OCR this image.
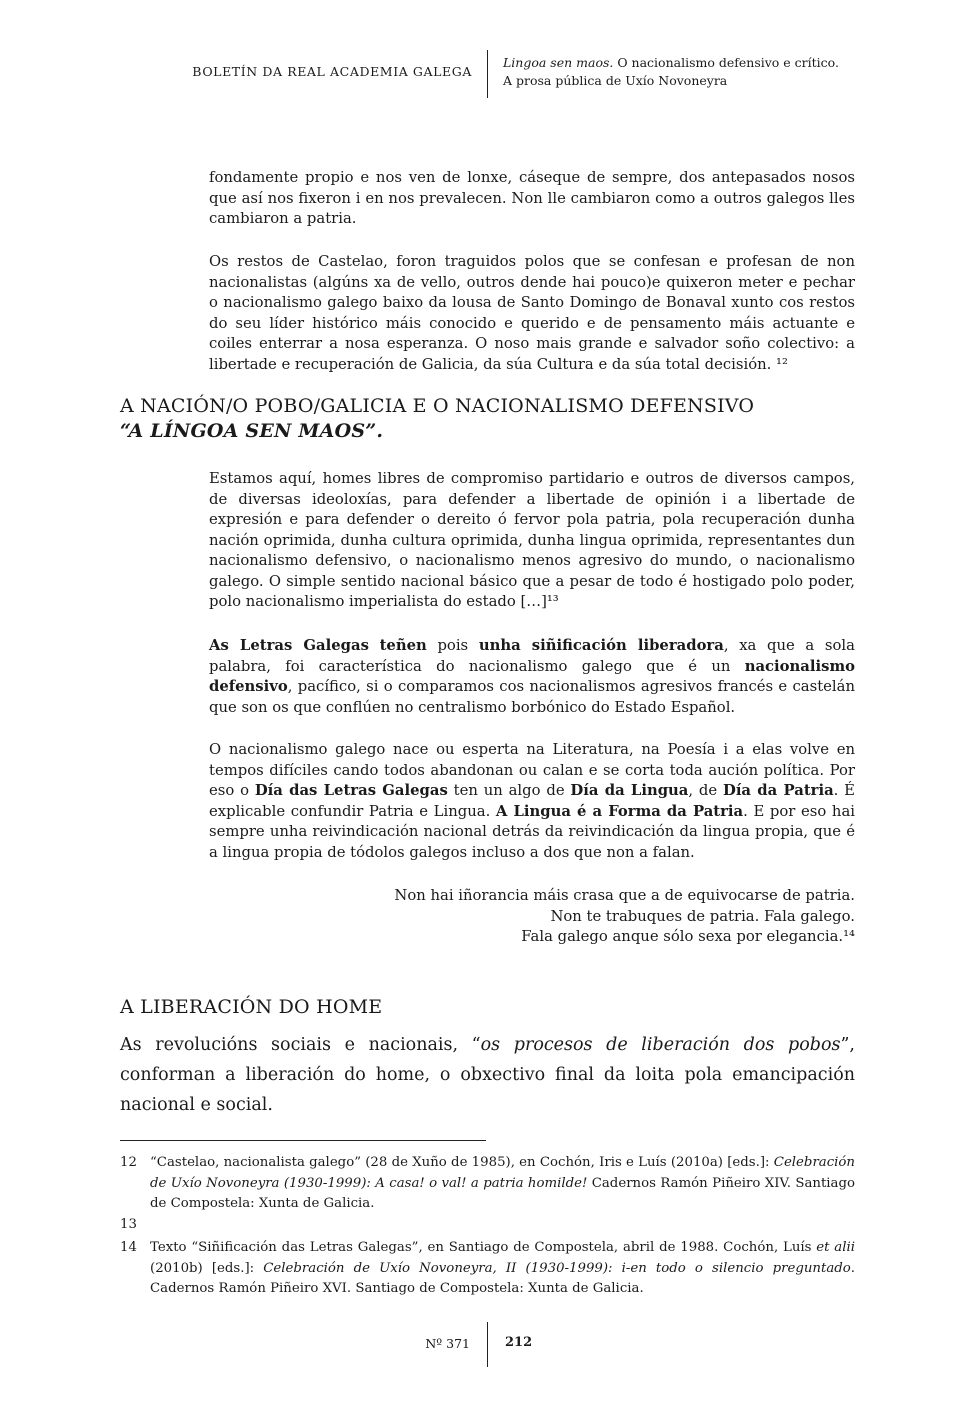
BOLETÍN DA REAL ACADEMIA GALEGA
Lingoa sen maos. O nacionalismo defensivo e crítico.
A prosa pública de Uxío Novoneyra
fondamente propio e nos ven de lonxe, cáseque de sempre, dos antepasados nosos que así nos fixeron i en nos prevalecen. Non lle cambiaron como a outros galegos lles cambiaron a patria.
Os restos de Castelao, foron traguidos polos que se confesan e profesan de non nacionalistas (algúns xa de vello, outros dende hai pouco)e quixeron meter e pechar o nacionalismo galego baixo da lousa de Santo Domingo de Bonaval xunto cos restos do seu líder histórico máis conocido e querido e de pensamento máis actuante e coiles enterrar a nosa esperanza. O noso mais grande e salvador soño colectivo: a libertade e recuperación de Galicia, da súa Cultura e da súa total decisión. ¹²
A NACIÓN/O POBO/GALICIA E O NACIONALISMO DEFENSIVO
“A LÍNGOA SEN MAOS”.
Estamos aquí, homes libres de compromiso partidario e outros de diversos campos, de diversas ideoloxías, para defender a libertade de opinión i a libertade de expresión e para defender o dereito ó fervor pola patria, pola recuperación dunha nación oprimida, dunha cultura oprimida, dunha lingua oprimida, representantes dun nacionalismo defensivo, o nacionalismo menos agresivo do mundo, o nacionalismo galego. O simple sentido nacional básico que a pesar de todo é hostigado polo poder, polo nacionalismo imperialista do estado […]¹³
As Letras Galegas teñen pois unha siñificación liberadora, xa que a sola palabra, foi característica do nacionalismo galego que é un nacionalismo defensivo, pacífico, si o comparamos cos nacionalismos agresivos francés e castelán que son os que conflúen no centralismo borbónico do Estado Español.
O nacionalismo galego nace ou esperta na Literatura, na Poesía i a elas volve en tempos difíciles cando todos abandonan ou calan e se corta toda aución política. Por eso o Día das Letras Galegas ten un algo de Día da Lingua, de Día da Patria. É explicable confundir Patria e Lingua. A Lingua é a Forma da Patria. E por eso hai sempre unha reivindicación nacional detrás da reivindicación da lingua propia, que é a lingua propia de tódolos galegos incluso a dos que non a falan.
Non hai iñorancia máis crasa que a de equivocarse de patria.
Non te trabuques de patria. Fala galego.
Fala galego anque sólo sexa por elegancia.¹⁴
A LIBERACIÓN DO HOME
As revolucións sociais e nacionais, “os procesos de liberación dos pobos”, conforman a liberación do home, o obxectivo final da loita pola emancipación nacional e social.
12 “Castelao, nacionalista galego” (28 de Xuño de 1985), en Cochón, Iris e Luís (2010a) [eds.]: Celebración de Uxío Novoneyra (1930-1999): A casa! o val! a patria homilde! Cadernos Ramón Piñeiro XIV. Santiago de Compostela: Xunta de Galicia.
13

14 Texto “Siñificación das Letras Galegas”, en Santiago de Compostela, abril de 1988. Cochón, Luís et alii (2010b) [eds.]: Celebración de Uxío Novoneyra, II (1930-1999): i-en todo o silencio preguntado. Cadernos Ramón Piñeiro XVI. Santiago de Compostela: Xunta de Galicia.
Nº 371	212
